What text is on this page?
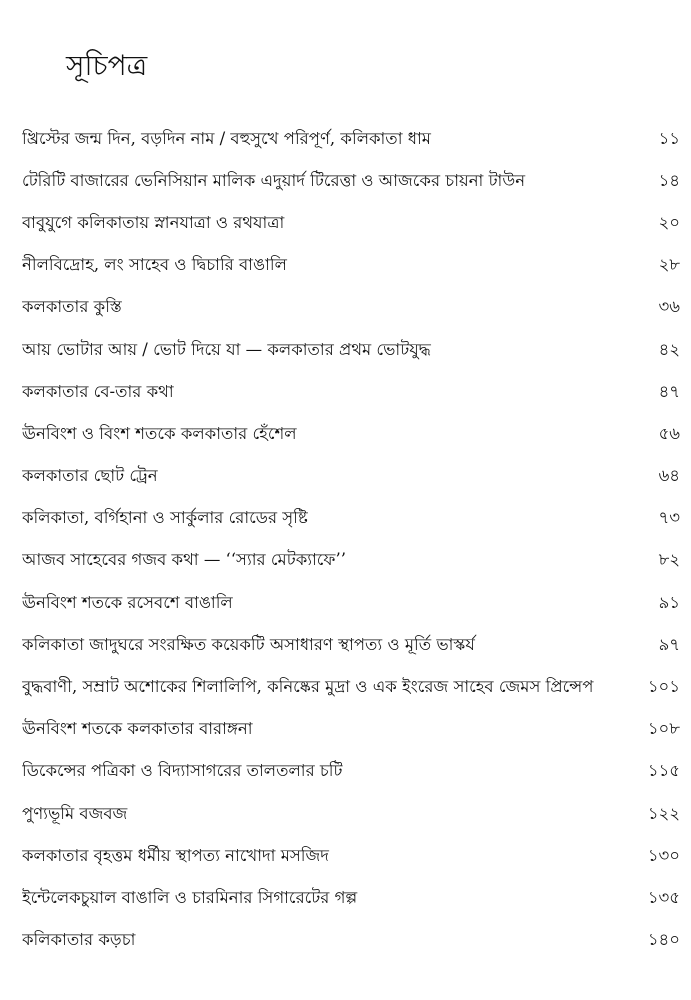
সূচিপত্র
খ্রিস্টের জন্ম দিন, বড়দিন নাম / বহুসুখে পরিপূর্ণ, কলিকাতা ধাম	১১
টেরিটি বাজারের ভেনিসিয়ান মালিক এদুয়ার্দ টিরেত্তা ও আজকের চায়না টাউন	১৪
বাবুযুগে কলিকাতায় স্নানযাত্রা ও রথযাত্রা	২০
নীলবিদ্রোহ, লং সাহেব ও দ্বিচারি বাঙালি	২৮
কলকাতার কুস্তি	৩৬
আয় ভোটার আয় / ভোট দিয়ে যা — কলকাতার প্রথম ভোটযুদ্ধ	৪২
কলকাতার বে-তার কথা	৪৭
ঊনবিংশ ও বিংশ শতকে কলকাতার হেঁশেল	৫৬
কলকাতার ছোট ট্রেন	৬৪
কলিকাতা, বর্গিহানা ও সার্কুলার রোডের সৃষ্টি	৭৩
আজব সাহেবের গজব কথা — ‘‘স্যার মেটক্যাফে’’	৮২
ঊনবিংশ শতকে রসেবশে বাঙালি	৯১
কলিকাতা জাদুঘরে সংরক্ষিত কয়েকটি অসাধারণ স্থাপত্য ও মূর্তি ভাস্কর্য	৯৭
বুদ্ধবাণী, সম্রাট অশোকের শিলালিপি, কনিষ্কের মুদ্রা ও এক ইংরেজ সাহেব জেমস প্রিন্সেপ	১০১
ঊনবিংশ শতকে কলকাতার বারাঙ্গনা	১০৮
ডিকেন্সের পত্রিকা ও বিদ্যাসাগরের তালতলার চটি	১১৫
পুণ্যভূমি বজবজ	১২২
কলকাতার বৃহত্তম ধর্মীয় স্থাপত্য নাখোদা মসজিদ	১৩০
ইন্টেলেকচুয়াল বাঙালি ও চারমিনার সিগারেটের গল্প	১৩৫
কলিকাতার কড়চা	১৪০
